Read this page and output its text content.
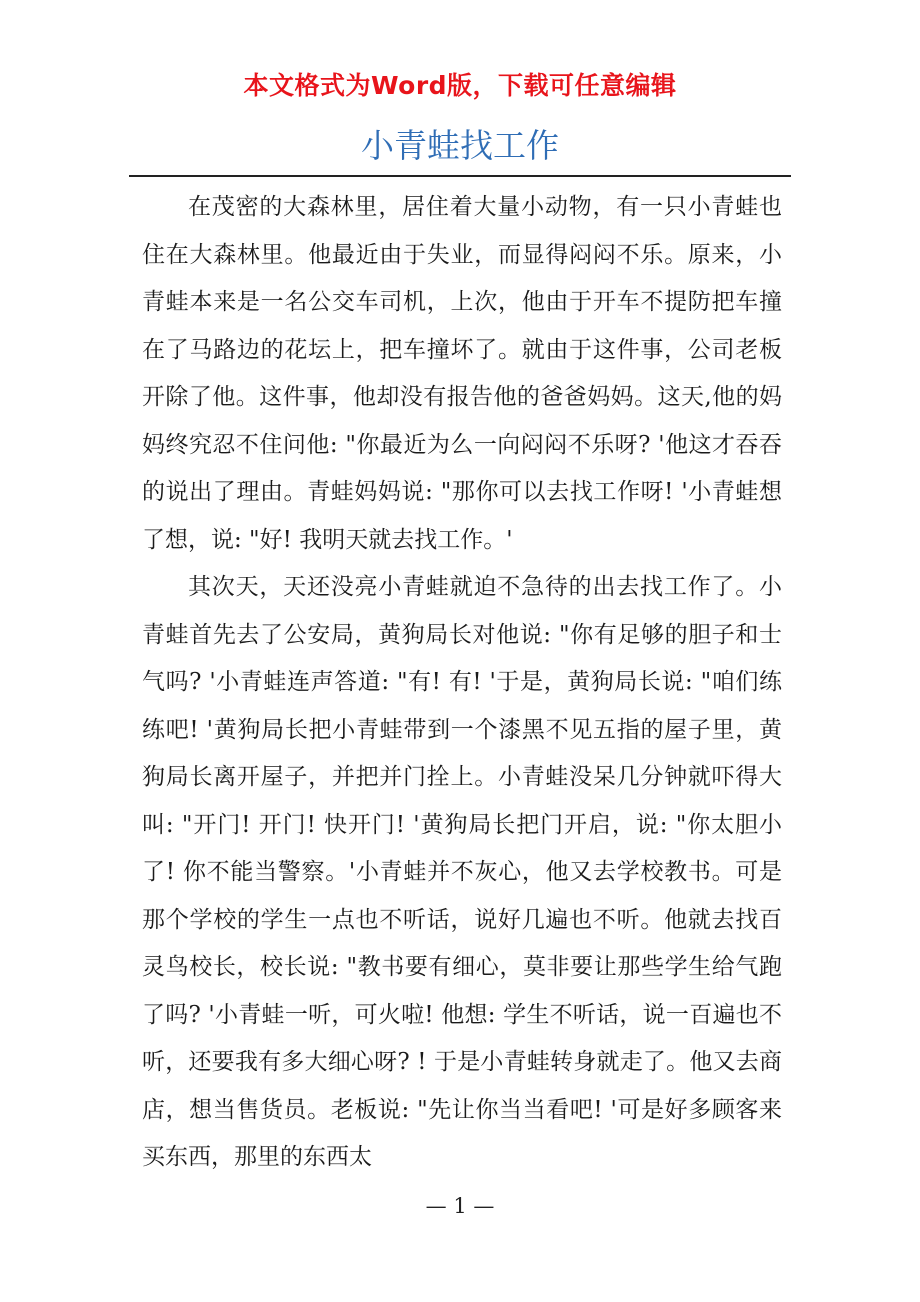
本文格式为Word版，下载可任意编辑
小青蛙找工作

在茂密的大森林里，居住着大量小动物，有一只小青蛙也住在大森林里。他最近由于失业，而显得闷闷不乐。原来，小青蛙本来是一名公交车司机，上次，他由于开车不提防把车撞在了马路边的花坛上，把车撞坏了。就由于这件事，公司老板开除了他。这件事，他却没有报告他的爸爸妈妈。这天,他的妈妈终究忍不住问他: "你最近为么一向闷闷不乐呀? '他这才吞吞的说出了理由。青蛙妈妈说: "那你可以去找工作呀! '小青蛙想了想，说: "好! 我明天就去找工作。'

其次天，天还没亮小青蛙就迫不急待的出去找工作了。小青蛙首先去了公安局，黄狗局长对他说: "你有足够的胆子和士气吗? '小青蛙连声答道: "有! 有! '于是，黄狗局长说: "咱们练练吧! '黄狗局长把小青蛙带到一个漆黑不见五指的屋子里，黄狗局长离开屋子，并把并门拴上。小青蛙没呆几分钟就吓得大叫: "开门! 开门! 快开门! '黄狗局长把门开启，说: "你太胆小了! 你不能当警察。'小青蛙并不灰心，他又去学校教书。可是那个学校的学生一点也不听话，说好几遍也不听。他就去找百灵鸟校长，校长说: "教书要有细心，莫非要让那些学生给气跑了吗? '小青蛙一听，可火啦! 他想: 学生不听话，说一百遍也不听，还要我有多大细心呀? ! 于是小青蛙转身就走了。他又去商店，想当售货员。老板说: "先让你当当看吧! '可是好多顾客来买东西，那里的东西太

— 1 —
